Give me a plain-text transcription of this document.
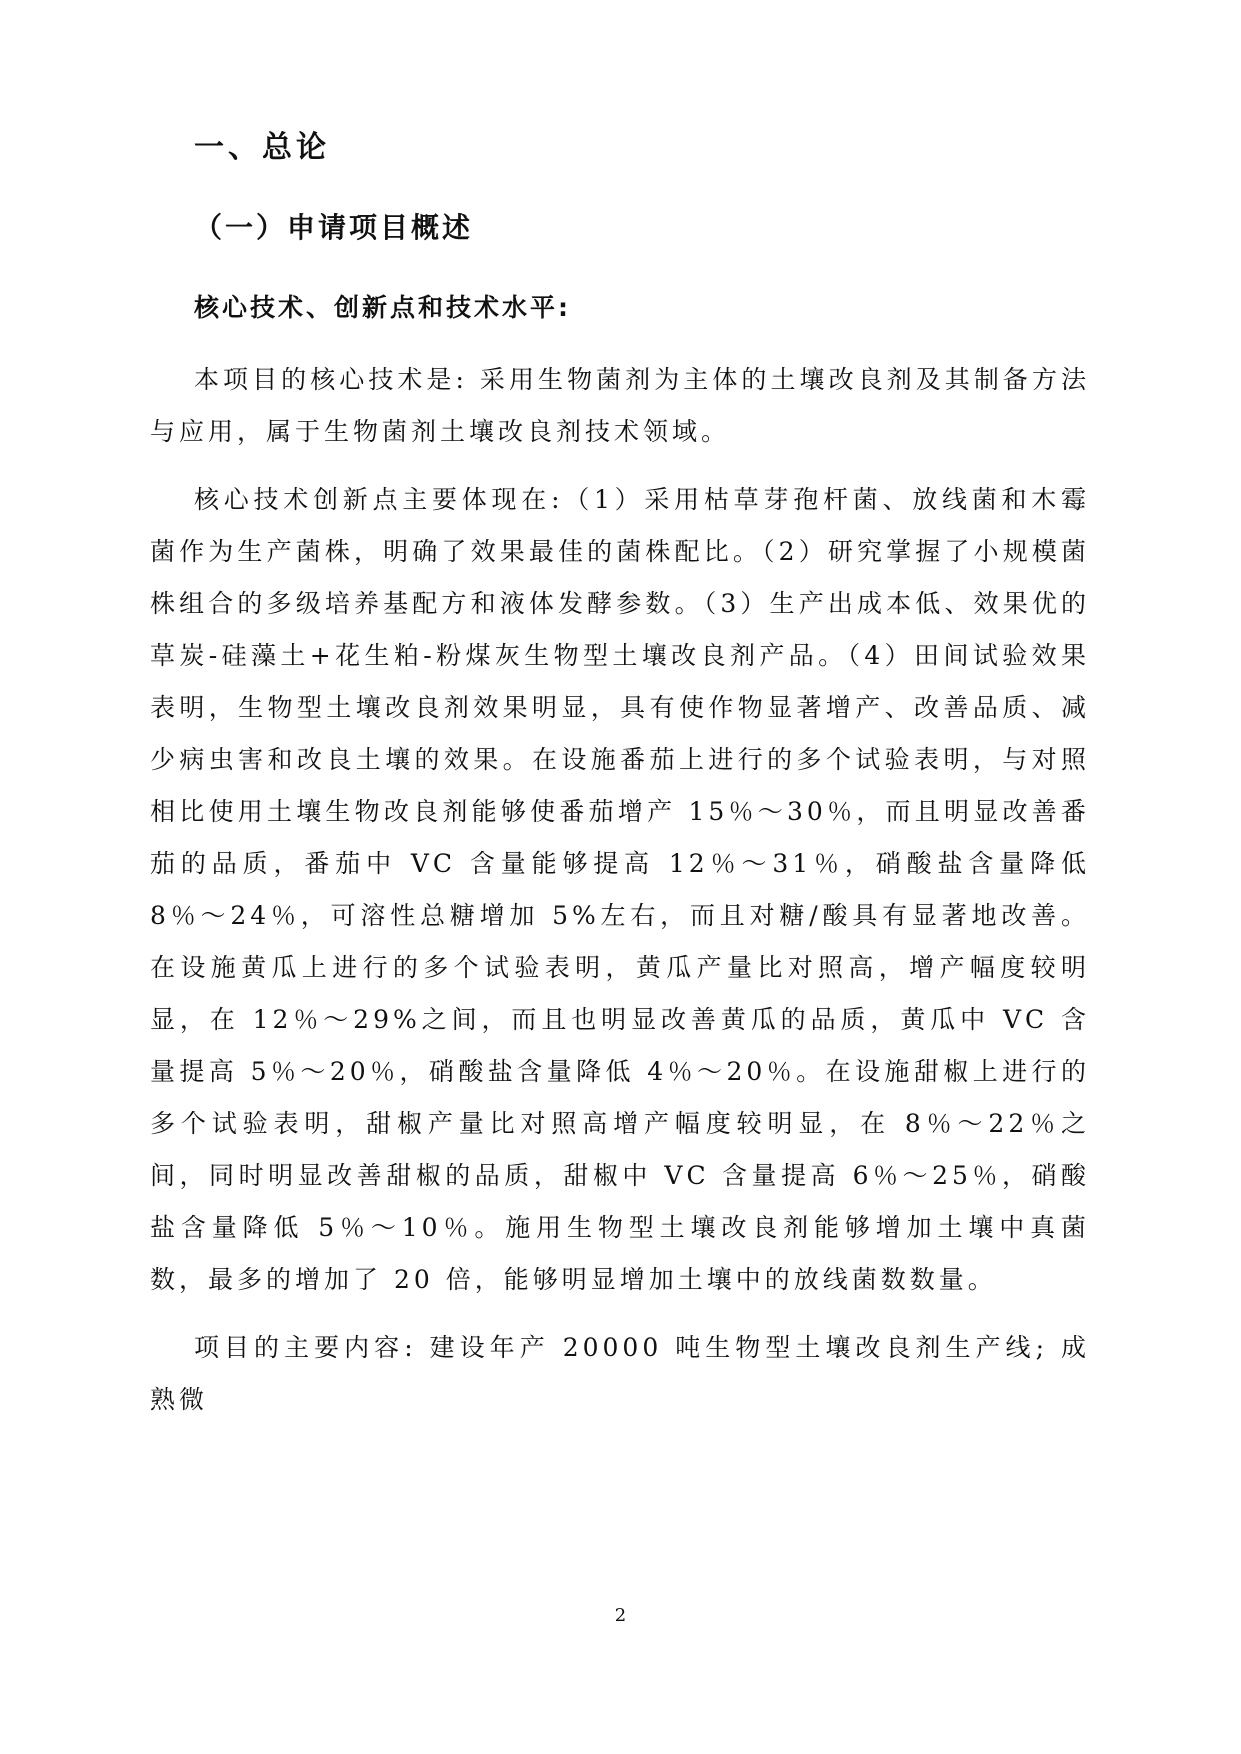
一、总论
（一）申请项目概述
核心技术、创新点和技术水平:

本项目的核心技术是: 采用生物菌剂为主体的土壤改良剂及其制备方法与应用，属于生物菌剂土壤改良剂技术领域。

核心技术创新点主要体现在:（1）采用枯草芽孢杆菌、放线菌和木霉菌作为生产菌株，明确了效果最佳的菌株配比。（2）研究掌握了小规模菌株组合的多级培养基配方和液体发酵参数。（3）生产出成本低、效果优的草炭-硅藻土+花生粕-粉煤灰生物型土壤改良剂产品。（4）田间试验效果表明，生物型土壤改良剂效果明显，具有使作物显著增产、改善品质、减少病虫害和改良土壤的效果。在设施番茄上进行的多个试验表明，与对照相比使用土壤生物改良剂能够使番茄增产 15％～30％，而且明显改善番茄的品质，番茄中 VC 含量能够提高 12％～31％，硝酸盐含量降低 8％～24％，可溶性总糖增加 5%左右，而且对糖/酸具有显著地改善。在设施黄瓜上进行的多个试验表明，黄瓜产量比对照高，增产幅度较明显，在 12％～29%之间，而且也明显改善黄瓜的品质，黄瓜中 VC 含量提高 5％～20％，硝酸盐含量降低 4％～20％。在设施甜椒上进行的多个试验表明，甜椒产量比对照高增产幅度较明显，在 8％～22％之间，同时明显改善甜椒的品质，甜椒中 VC 含量提高 6％～25％，硝酸盐含量降低 5％～10％。施用生物型土壤改良剂能够增加土壤中真菌数，最多的增加了 20 倍，能够明显增加土壤中的放线菌数数量。

项目的主要内容: 建设年产 20000 吨生物型土壤改良剂生产线; 成熟微

2
